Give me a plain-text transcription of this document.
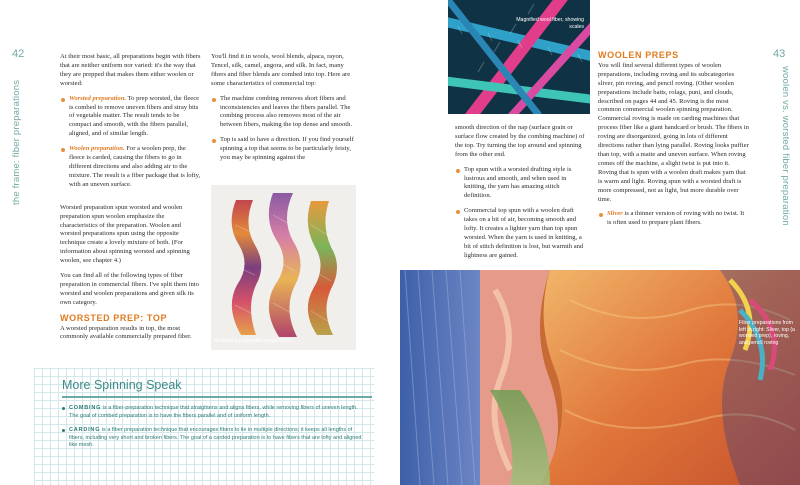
42
the frame: fiber preparations

At their most basic, all preparations begin with fibers that are neither uniform nor varied: it's the way that they are prepped that makes them either woolen or worsted:

Worsted preparation. To prep worsted, the fleece is combed to remove uneven fibers and stray bits of vegetable matter. The result tends to be compact and smooth, with the fibers parallel, aligned, and of similar length.
Woolen preparation. For a woolen prep, the fleece is carded, causing the fibers to go in different directions and also adding air to the mixture. The result is a fiber package that is lofty, with an uneven surface.

Worsted preparation spun worsted and woolen preparation spun woolen emphasize the characteristics of the preparation. Woolen and worsted preparations spun using the opposite technique create a lovely mixture of both. (For information about spinning worsted and spinning woolen, see chapter 4.)

You can find all of the following types of fiber preparation in commercial fibers. I've split them into worsted and woolen preparations and given silk its own category.

WORSTED PREP: TOP

A worsted preparation results in top, the most commonly available commercially prepared fiber.

You'll find it in wools, wool blends, alpaca, rayon, Tencel, silk, camel, angora, and silk. In fact, many fibers and fiber blends are combed into top. Here are some characteristics of commercial top:

The machine combing removes short fibers and inconsistencies and leaves the fibers parallel. The combing process also removes most of the air between fibers, making the top dense and smooth.
Top is said to have a direction. If you find yourself spinning a top that seems to be particularly feisty, you may be spinning against the
Braided top (worsted preparation)
More Spinning Speak
COMBING is a fiber-preparation technique that straightens and aligns fibers, while removing fibers of uneven length. The goal of combed preparation is to have the fibers parallel and of uniform length.
CARDING is a fiber preparation technique that encourages fibers to lie in multiple directions; it keeps all lengths of fibers, including very short and broken fibers. The goal of a carded preparation is to have fibers that are lofty and aligned like mesh.
Magnified wool fiber, showing scales

smooth direction of the nap (surface grain or surface flow created by the combing machine) of the top. Try turning the top around and spinning from the other end.

Top spun with a worsted drafting style is lustrous and smooth, and when used in knitting, the yarn has amazing stitch definition.
Commercial top spun with a woolen draft takes on a bit of air, becoming smooth and lofty. It creates a lighter yarn than top spun worsted. When the yarn is used in knitting, a bit of stitch definition is lost, but warmth and lightness are gained.
43
woolen vs. worsted fiber preparation
WOOLEN PREPS

You will find several different types of woolen preparations, including roving and its subcategories sliver, pin roving, and pencil roving. (Other woolen preparations include batts, rolags, puni, and clouds, described on pages 44 and 45. Roving is the most common commercial woolen spinning preparation. Commercial roving is made on carding machines that process fiber like a giant handcard or brush. The fibers in roving are disorganized, going in lots of different directions rather than lying parallel. Roving looks puffier than top, with a matte and uneven surface. When roving comes off the machine, a slight twist is put into it. Roving that is spun with a woolen draft makes yarn that is warm and light. Roving spun with a worsted draft is more compressed, not as light, but more durable over time.

Sliver is a thinner version of roving with no twist. It is often used to prepare plant fibers.
Fiber preparations from left to right: Sliver, top (a worsted prep), roving, and pencil roving
